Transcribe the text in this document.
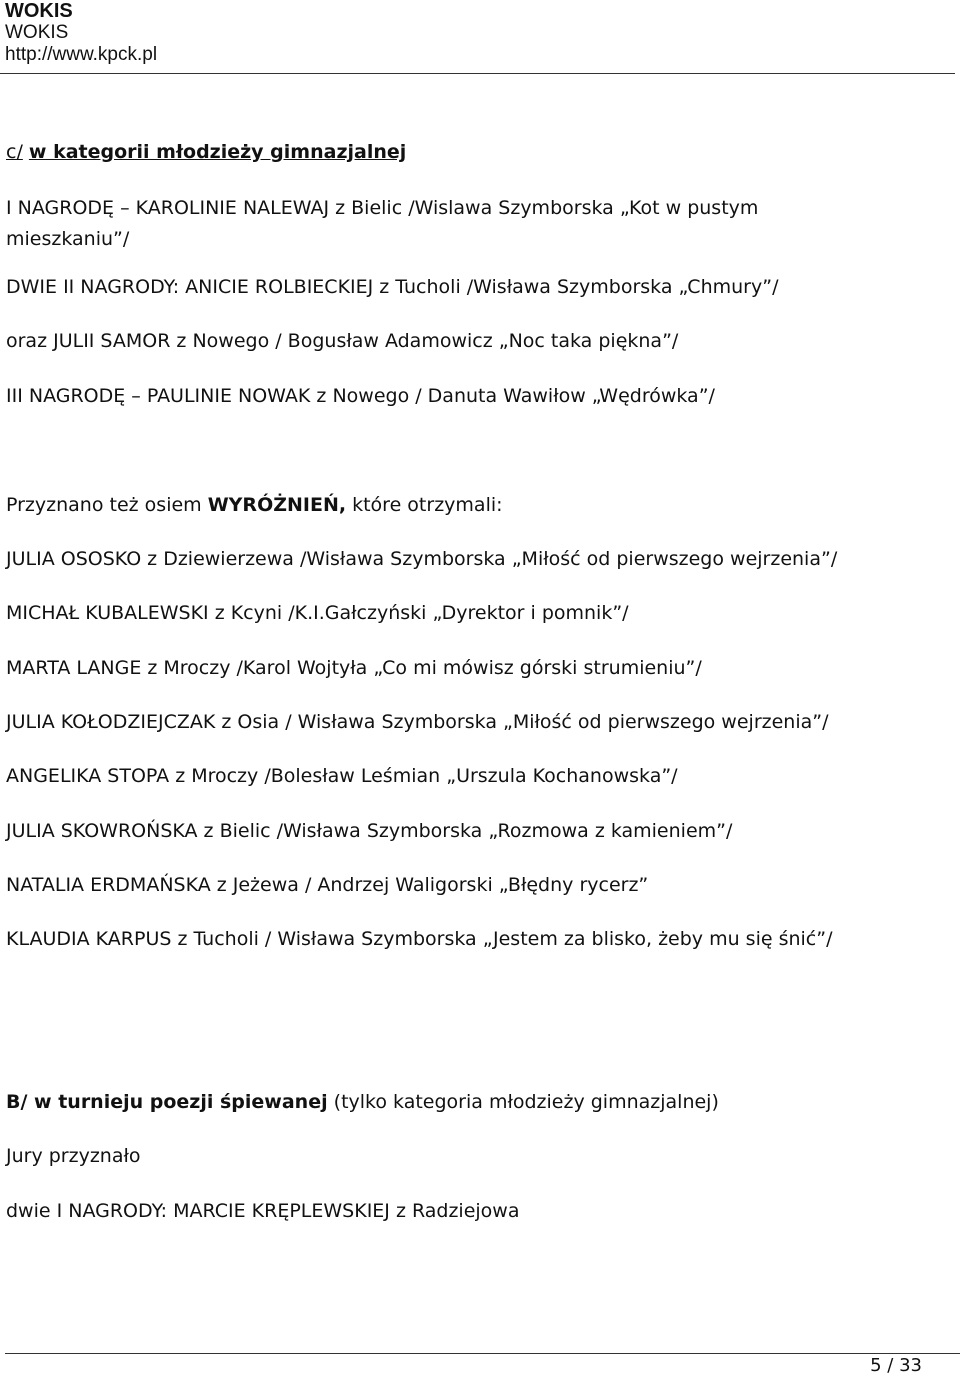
WOKIS
WOKIS
http://www.kpck.pl
c/ w kategorii młodzieży gimnazjalnej
I NAGRODĘ – KAROLINIE NALEWAJ z Bielic /Wislawa Szymborska „Kot w pustym mieszkaniu”/
DWIE II NAGRODY: ANICIE ROLBIECKIEJ z Tucholi /Wisława Szymborska „Chmury”/
oraz JULII SAMOR z Nowego / Bogusław Adamowicz „Noc taka piękna”/
III NAGRODĘ – PAULINIE NOWAK z Nowego / Danuta Wawiłow „Wędrówka”/
Przyznano też osiem WYRÓŻNIEŃ, które otrzymali:
JULIA OSOSKO z Dziewierzewa /Wisława Szymborska „Miłość od pierwszego wejrzenia”/
MICHAŁ KUBALEWSKI z Kcyni /K.I.Gałczyński „Dyrektor i pomnik”/
MARTA LANGE z Mroczy /Karol Wojtyła „Co mi mówisz górski strumieniu”/
JULIA KOŁODZIEJCZAK z Osia / Wisława Szymborska „Miłość od pierwszego wejrzenia”/
ANGELIKA STOPA z Mroczy /Bolesław Leśmian „Urszula Kochanowska”/
JULIA SKOWROŃSKA z Bielic /Wisława Szymborska „Rozmowa z kamieniem”/
NATALIA ERDMAŃSKA z Jeżewa / Andrzej Waligorski „Błędny rycerz”
KLAUDIA KARPUS z Tucholi / Wisława Szymborska „Jestem za blisko, żeby mu się śnić”/
B/ w turnieju poezji śpiewanej (tylko kategoria młodzieży gimnazjalnej)
Jury przyznało
dwie I NAGRODY: MARCIE KRĘPLEWSKIEJ z Radziejowa
5 / 33
